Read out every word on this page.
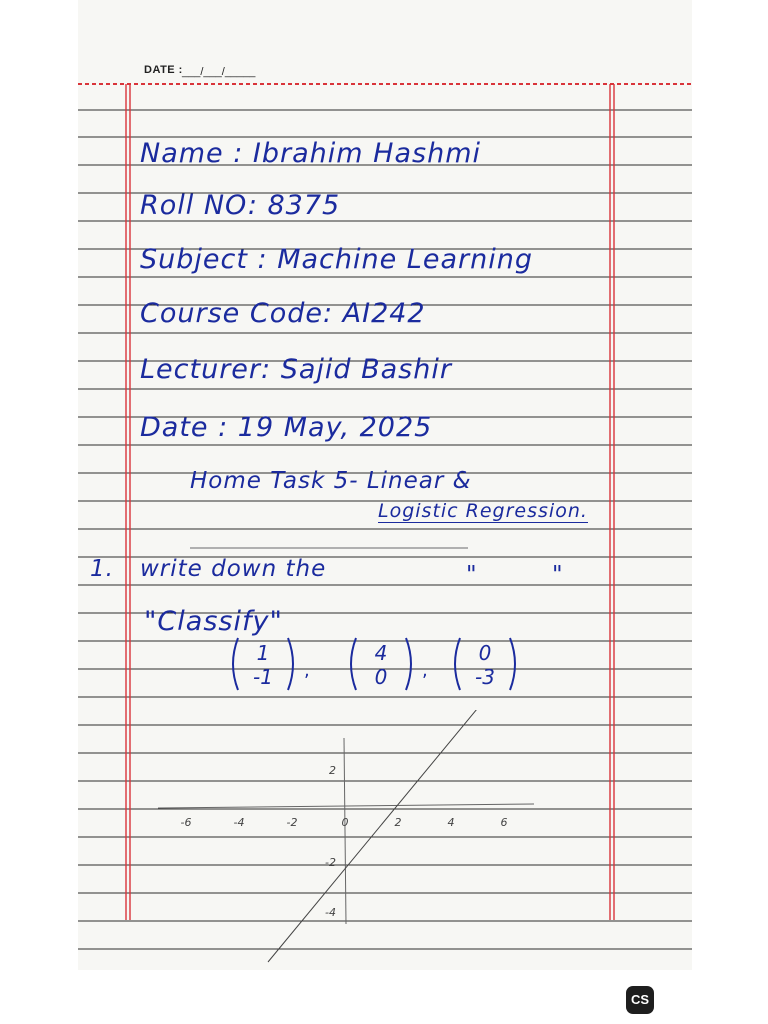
DATE : ___/___/_____
Name : Ibrahim Hashmi
Roll NO: 8375
Subject : Machine Learning
Course Code: AI242
Lecturer: Sajid Bashir
Date : 19 May, 2025
Home Task 5- Linear &
Logistic Regression.
1. write down the	"	"
"Classify"
1
-1 ,
4
0 ,
0
-3
-6	-4	-2	0	2	4	6
2
-2
-4
CS
